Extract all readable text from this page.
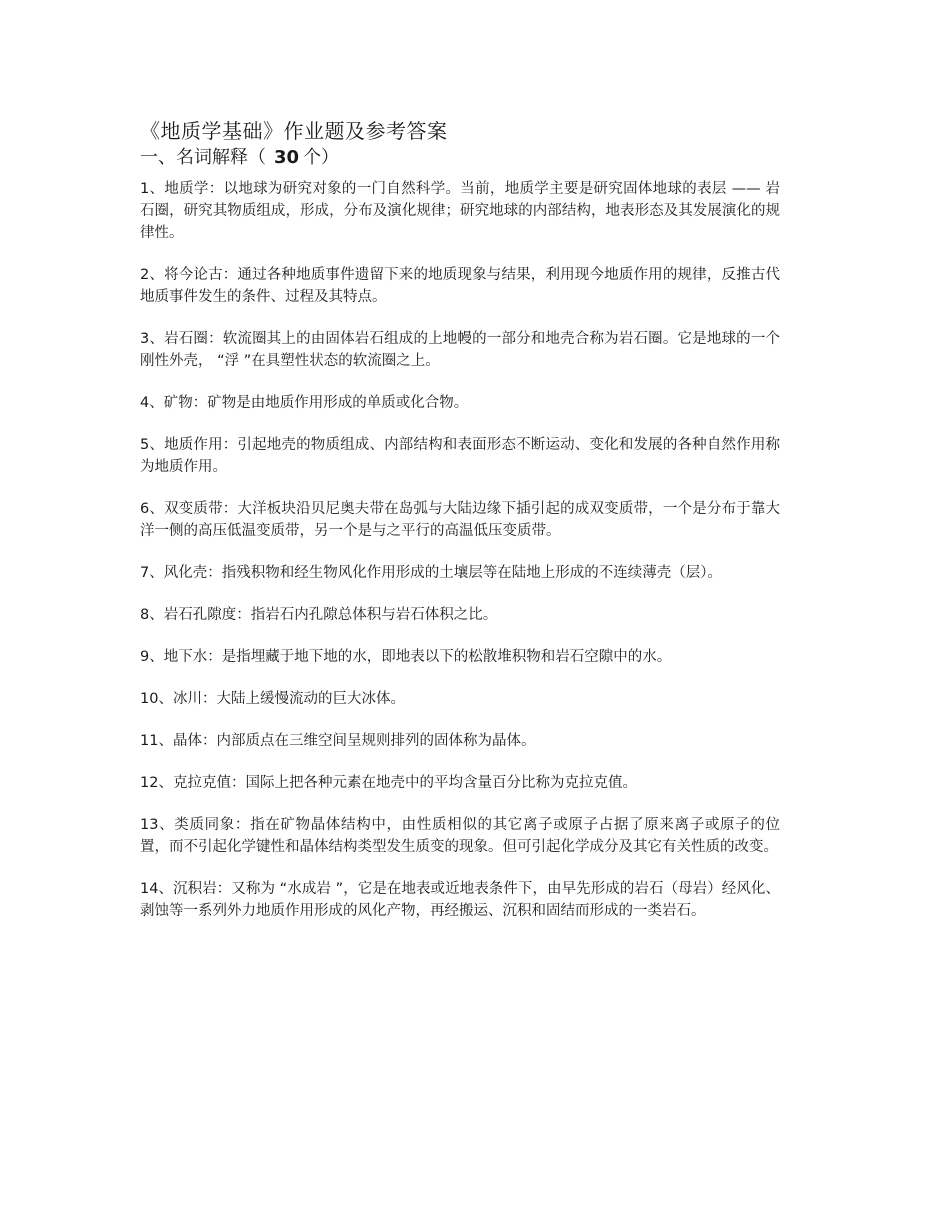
《地质学基础》作业题及参考答案
一、名词解释（ 30 个）

1、地质学：以地球为研究对象的一门自然科学。当前，地质学主要是研究固体地球的表层 —— 岩石圈，研究其物质组成，形成，分布及演化规律；研究地球的内部结构，地表形态及其发展演化的规律性。

2、将今论古：通过各种地质事件遗留下来的地质现象与结果，利用现今地质作用的规律，反推古代地质事件发生的条件、过程及其特点。

3、岩石圈：软流圈其上的由固体岩石组成的上地幔的一部分和地壳合称为岩石圈。它是地球的一个刚性外壳， “浮 ”在具塑性状态的软流圈之上。

4、矿物：矿物是由地质作用形成的单质或化合物。

5、地质作用：引起地壳的物质组成、内部结构和表面形态不断运动、变化和发展的各种自然作用称为地质作用。

6、双变质带：大洋板块沿贝尼奥夫带在岛弧与大陆边缘下插引起的成双变质带，一个是分布于靠大洋一侧的高压低温变质带，另一个是与之平行的高温低压变质带。

7、风化壳：指残积物和经生物风化作用形成的土壤层等在陆地上形成的不连续薄壳（层）。

8、岩石孔隙度：指岩石内孔隙总体积与岩石体积之比。

9、地下水：是指埋藏于地下地的水，即地表以下的松散堆积物和岩石空隙中的水。

10、冰川：大陆上缓慢流动的巨大冰体。

11、晶体：内部质点在三维空间呈规则排列的固体称为晶体。

12、克拉克值：国际上把各种元素在地壳中的平均含量百分比称为克拉克值。

13、类质同象：指在矿物晶体结构中，由性质相似的其它离子或原子占据了原来离子或原子的位置，而不引起化学键性和晶体结构类型发生质变的现象。但可引起化学成分及其它有关性质的改变。

14、沉积岩：又称为 “水成岩 ”，它是在地表或近地表条件下，由早先形成的岩石（母岩）经风化、剥蚀等一系列外力地质作用形成的风化产物，再经搬运、沉积和固结而形成的一类岩石。
